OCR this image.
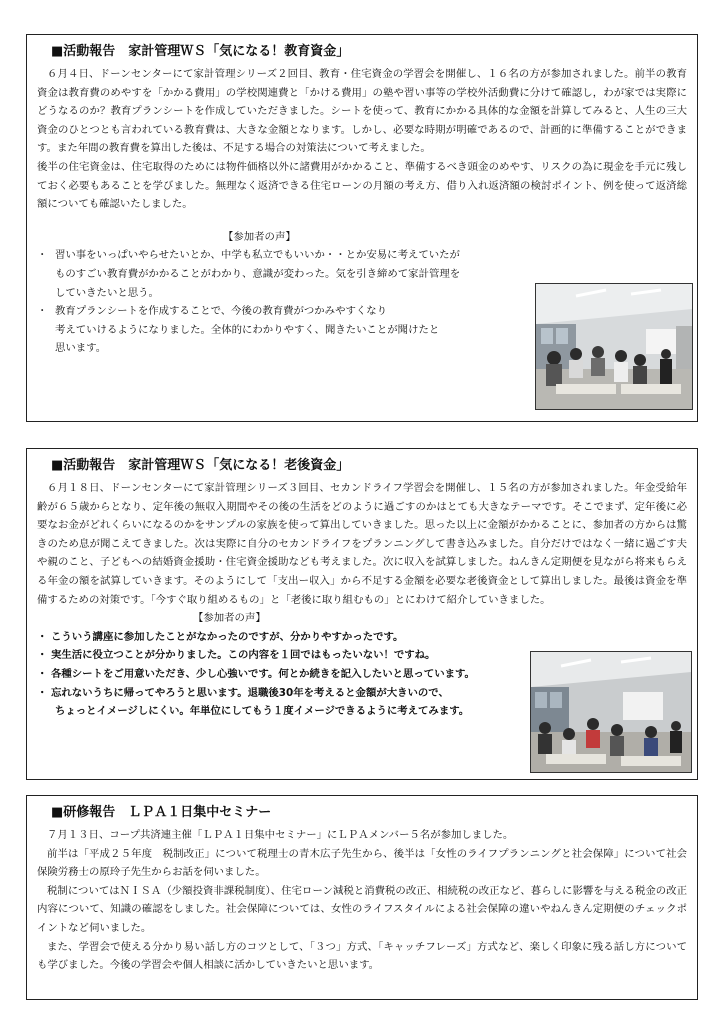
■活動報告　家計管理ＷＳ「気になる！教育資金」

６月４日、ドーンセンターにて家計管理シリーズ２回目、教育・住宅資金の学習会を開催し、１６名の方が参加されました。前半の教育資金は教育費のめやすを「かかる費用」の学校関連費と「かける費用」の塾や習い事等の学校外活動費に分けて確認し，わが家では実際にどうなるのか？教育プランシートを作成していただきました。シートを使って、教育にかかる具体的な金額を計算してみると、人生の三大資金のひとつとも言われている教育費は、大きな金額となります。しかし、必要な時期が明確であるので、計画的に準備することができます。また年間の教育費を算出した後は、不足する場合の対策法について考えました。

後半の住宅資金は、住宅取得のためには物件価格以外に諸費用がかかること、準備するべき頭金のめやす、リスクの為に現金を手元に残しておく必要もあることを学びました。無理なく返済できる住宅ローンの月額の考え方、借り入れ返済額の検討ポイント、例を使って返済総額についても確認いたしました。

【参加者の声】
・ 習い事をいっぱいやらせたいとか、中学も私立でもいいか・・とか安易に考えていたが
ものすごい教育費がかかることがわかり、意識が変わった。気を引き締めて家計管理を
していきたいと思う。
・ 教育プランシートを作成することで、今後の教育費がつかみやすくなり
考えていけるようになりました。全体的にわかりやすく、聞きたいことが聞けたと
思います。
■活動報告　家計管理ＷＳ「気になる！老後資金」

６月１８日、ドーンセンターにて家計管理シリーズ３回目、セカンドライフ学習会を開催し、１５名の方が参加されました。年金受給年齢が６５歳からとなり、定年後の無収入期間やその後の生活をどのように過ごすのかはとても大きなテーマです。そこでまず、定年後に必要なお金がどれくらいになるのかをサンプルの家族を使って算出していきました。思った以上に金額がかかることに、参加者の方からは驚きのため息が聞こえてきました。次は実際に自分のセカンドライフをプランニングして書き込みました。自分だけではなく一緒に過ごす夫や親のこと、子どもへの結婚資金援助・住宅資金援助なども考えました。次に収入を試算しました。ねんきん定期便を見ながら将来もらえる年金の額を試算していきます。そのようにして「支出ー収入」から不足する金額を必要な老後資金として算出しました。最後は資金を準備するための対策です。「今すぐ取り組めるもの」と「老後に取り組むもの」とにわけて紹介していきました。

【参加者の声】
・ こういう講座に参加したことがなかったのですが、分かりやすかったです。
・ 実生活に役立つことが分かりました。この内容を１回ではもったいない！ですね。
・ 各種シートをご用意いただき、少し心強いです。何とか続きを記入したいと思っています。
・ 忘れないうちに帰ってやろうと思います。退職後30年を考えると金額が大きいので、
ちょっとイメージしにくい。年単位にしてもう１度イメージできるように考えてみます。
■研修報告　ＬＰＡ１日集中セミナー

７月１３日、コープ共済連主催「ＬＰＡ１日集中セミナー」にＬＰＡメンバー５名が参加しました。

前半は「平成２５年度　税制改正」について税理士の青木広子先生から、後半は「女性のライフプランニングと社会保障」について社会保険労務士の原玲子先生からお話を伺いました。

税制についてはＮＩＳＡ（少額投資非課税制度）、住宅ローン減税と消費税の改正、相続税の改正など、暮らしに影響を与える税金の改正内容について、知識の確認をしました。社会保障については、女性のライフスタイルによる社会保障の違いやねんきん定期便のチェックポイントなど伺いました。

また、学習会で使える分かり易い話し方のコツとして、「３つ」方式、「キャッチフレーズ」方式など、楽しく印象に残る話し方についても学びました。今後の学習会や個人相談に活かしていきたいと思います。
